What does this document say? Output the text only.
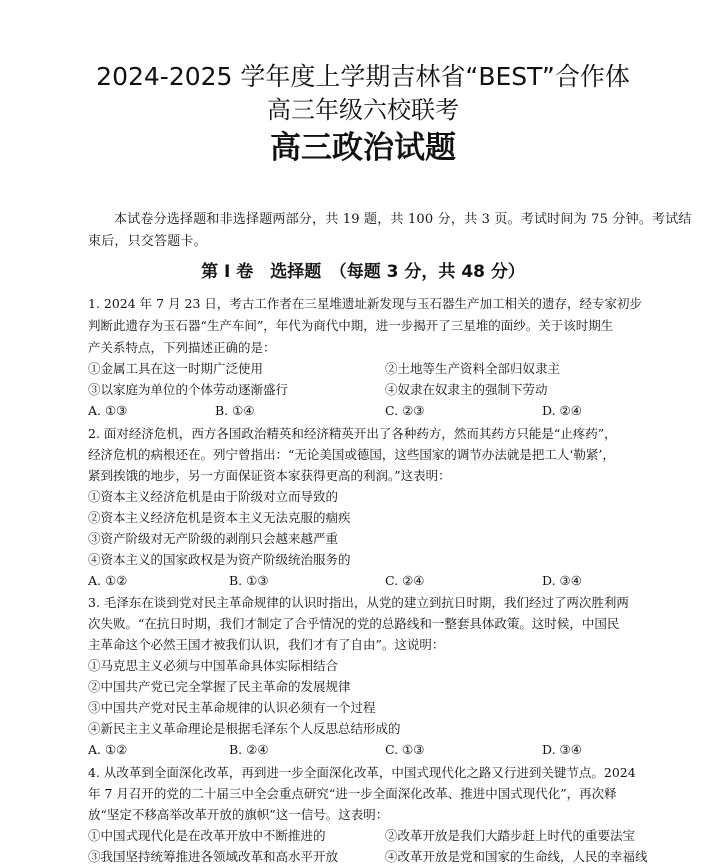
2024-2025 学年度上学期吉林省“BEST”合作体
高三年级六校联考
高三政治试题
本试卷分选择题和非选择题两部分，共 19 题，共 100 分，共 3 页。考试时间为 75 分钟。考试结束后，只交答题卡。
第 I 卷　选择题　（每题 3 分，共 48 分）
1. 2024 年 7 月 23 日，考古工作者在三星堆遗址新发现与玉石器生产加工相关的遗存，经专家初步
判断此遗存为玉石器“生产车间”，年代为商代中期，进一步揭开了三星堆的面纱。关于该时期生
产关系特点，下列描述正确的是：
①金属工具在这一时期广泛使用	②土地等生产资料全部归奴隶主
③以家庭为单位的个体劳动逐渐盛行	④奴隶在奴隶主的强制下劳动
A. ①③	B. ①④	C. ②③	D. ②④
2. 面对经济危机，西方各国政治精英和经济精英开出了各种药方，然而其药方只能是“止疼药”，
经济危机的病根还在。列宁曾指出：“无论美国或德国，这些国家的调节办法就是把工人‘勒紧’，
紧到挨饿的地步，另一方面保证资本家获得更高的利润。”这表明：
①资本主义经济危机是由于阶级对立而导致的
②资本主义经济危机是资本主义无法克服的痼疾
③资产阶级对无产阶级的剥削只会越来越严重
④资本主义的国家政权是为资产阶级统治服务的
A. ①②	B. ①③	C. ②④	D. ③④
3. 毛泽东在谈到党对民主革命规律的认识时指出，从党的建立到抗日时期，我们经过了两次胜利两
次失败。“在抗日时期，我们才制定了合乎情况的党的总路线和一整套具体政策。这时候，中国民
主革命这个必然王国才被我们认识，我们才有了自由”。这说明：
①马克思主义必须与中国革命具体实际相结合
②中国共产党已完全掌握了民主革命的发展规律
③中国共产党对民主革命规律的认识必须有一个过程
④新民主主义革命理论是根据毛泽东个人反思总结形成的
A. ①②	B. ②④	C. ①③	D. ③④
4. 从改革到全面深化改革，再到进一步全面深化改革，中国式现代化之路又行进到关键节点。2024
年 7 月召开的党的二十届三中全会重点研究“进一步全面深化改革、推进中国式现代化”，再次释
放“坚定不移高举改革开放的旗帜”这一信号。这表明：
①中国式现代化是在改革开放中不断推进的	②改革开放是我们大踏步赶上时代的重要法宝
③我国坚持统筹推进各领域改革和高水平开放	④改革开放是党和国家的生命线，人民的幸福线
